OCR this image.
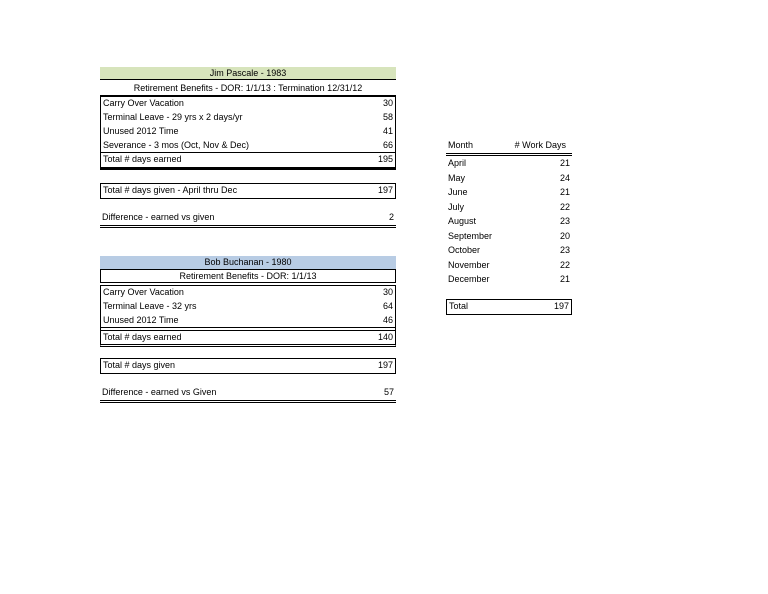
Jim Pascale - 1983
Retirement Benefits - DOR: 1/1/13 : Termination 12/31/12
Carry Over Vacation	30
Terminal Leave - 29 yrs x 2 days/yr	58
Unused 2012 Time	41
Severance - 3 mos (Oct, Nov & Dec)	66
Total # days earned	195
Total # days given - April thru Dec	197
Difference - earned vs given	2
Bob Buchanan - 1980
Retirement Benefits - DOR: 1/1/13
Carry Over Vacation	30
Terminal Leave - 32 yrs	64
Unused 2012 Time	46
Total # days earned	140
Total # days given	197
Difference - earned vs Given	57
Month	# Work Days
April	21
May	24
June	21
July	22
August	23
September	20
October	23
November	22
December	21
Total	197
